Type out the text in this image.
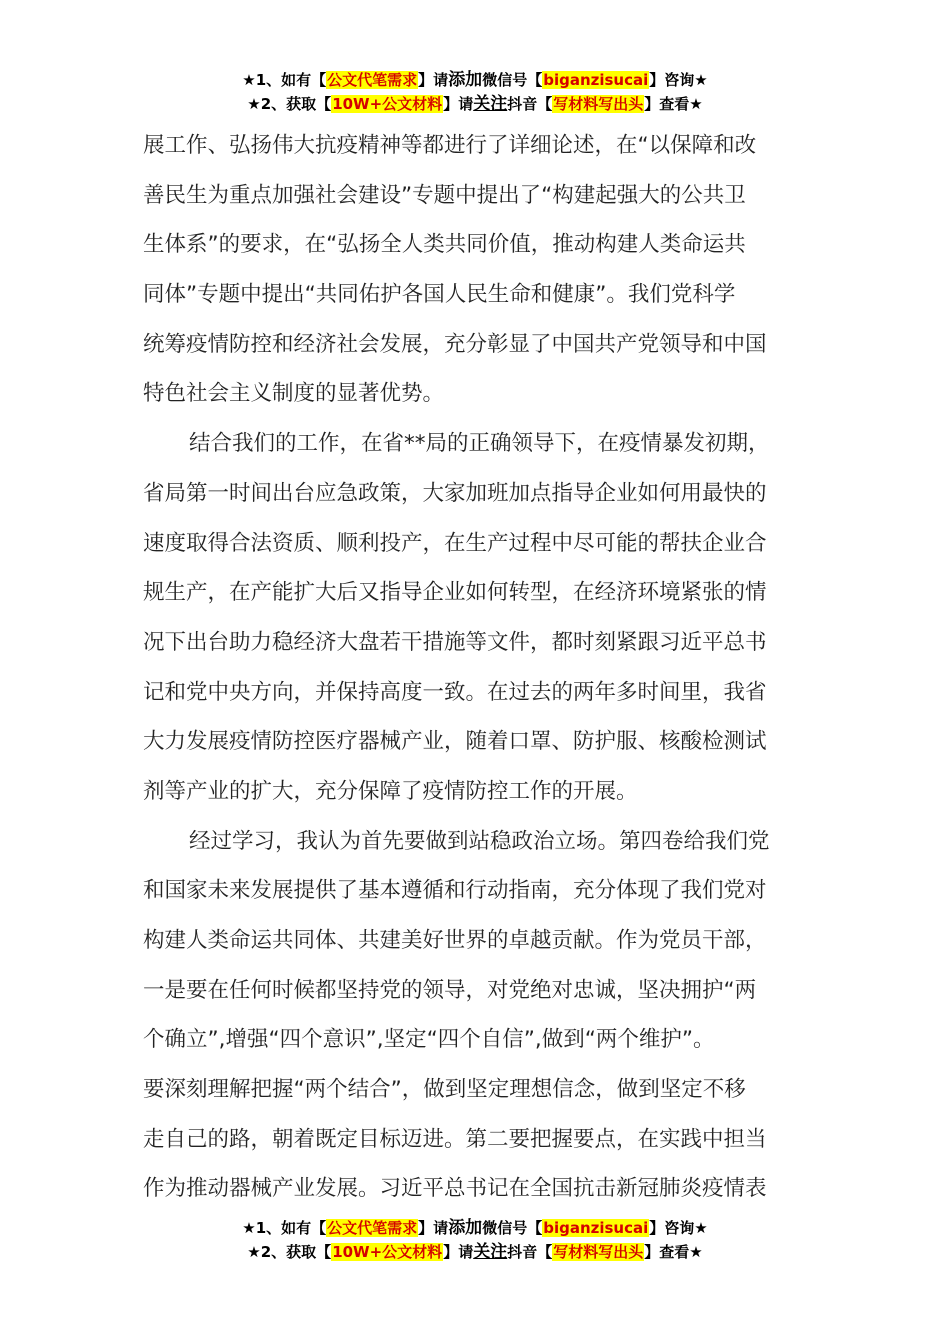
★1、如有【公文代笔需求】请添加微信号【biganzisucai】咨询★
★2、获取【10W+公文材料】请关注抖音【写材料写出头】查看★
展工作、弘扬伟大抗疫精神等都进行了详细论述，在“以保障和改
善民生为重点加强社会建设”专题中提出了“构建起强大的公共卫
生体系”的要求，在“弘扬全人类共同价值，推动构建人类命运共
同体”专题中提出“共同佑护各国人民生命和健康”。我们党科学
统筹疫情防控和经济社会发展，充分彰显了中国共产党领导和中国
特色社会主义制度的显著优势。
结合我们的工作，在省**局的正确领导下，在疫情暴发初期，
省局第一时间出台应急政策，大家加班加点指导企业如何用最快的
速度取得合法资质、顺利投产，在生产过程中尽可能的帮扶企业合
规生产，在产能扩大后又指导企业如何转型，在经济环境紧张的情
况下出台助力稳经济大盘若干措施等文件，都时刻紧跟习近平总书
记和党中央方向，并保持高度一致。在过去的两年多时间里，我省
大力发展疫情防控医疗器械产业，随着口罩、防护服、核酸检测试
剂等产业的扩大，充分保障了疫情防控工作的开展。
经过学习，我认为首先要做到站稳政治立场。第四卷给我们党
和国家未来发展提供了基本遵循和行动指南，充分体现了我们党对
构建人类命运共同体、共建美好世界的卓越贡献。作为党员干部，
一是要在任何时候都坚持党的领导，对党绝对忠诚，坚决拥护“两
个确立”,增强“四个意识”,坚定“四个自信”,做到“两个维护”。
要深刻理解把握“两个结合”，做到坚定理想信念，做到坚定不移
走自己的路，朝着既定目标迈进。第二要把握要点，在实践中担当
作为推动器械产业发展。习近平总书记在全国抗击新冠肺炎疫情表
★1、如有【公文代笔需求】请添加微信号【biganzisucai】咨询★
★2、获取【10W+公文材料】请关注抖音【写材料写出头】查看★
